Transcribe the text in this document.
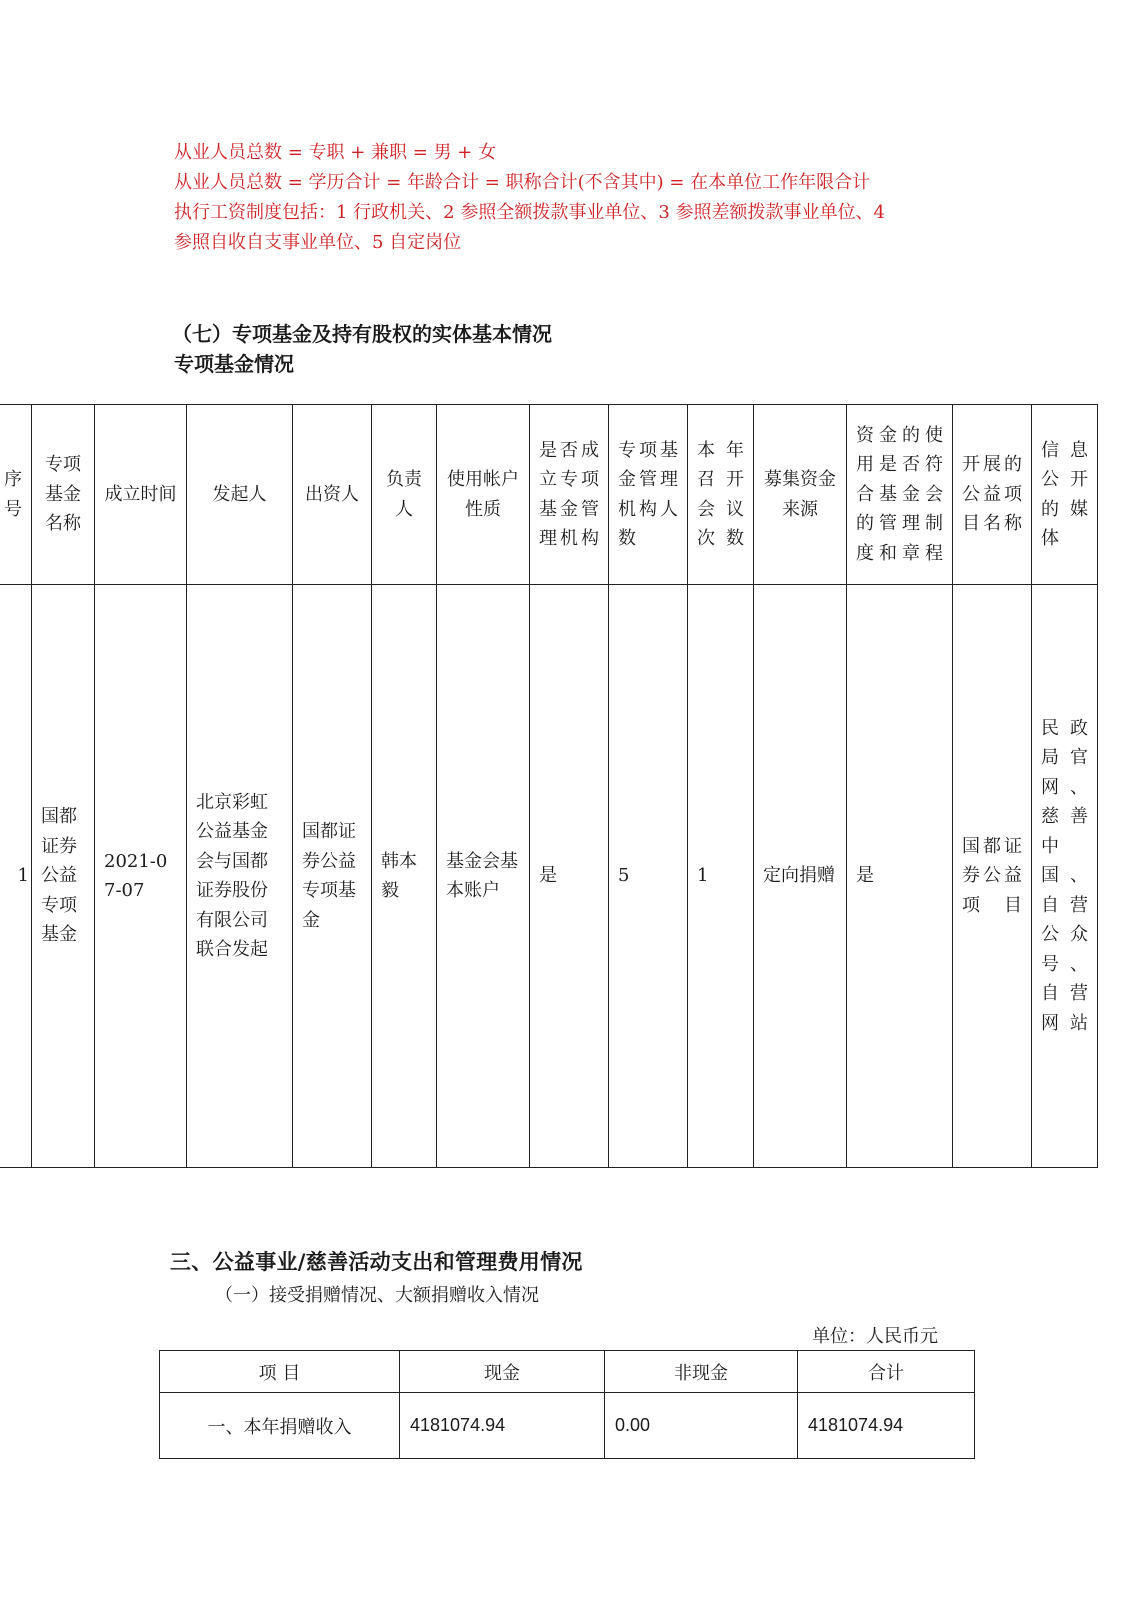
从业人员总数 = 专职 + 兼职 = 男 + 女

从业人员总数 = 学历合计 = 年龄合计 = 职称合计(不含其中) = 在本单位工作年限合计

执行工资制度包括：1 行政机关、2 参照全额拨款事业单位、3 参照差额拨款事业单位、4

参照自收自支事业单位、5 自定岗位

（七）专项基金及持有股权的实体基本情况
专项基金情况
序号	专项基金名称	成立时间	发起人	出资人	负责人	使用帐户性质	是否成立专项基金管理机构	专项基金管理机构人数	本年召开会议次数	募集资金来源	资金的使用是否符合基金会的管理制度和章程	开展的公益项目名称	信息公开的媒体
1	国都证券公益专项基金	2021-07-07	北京彩虹公益基金会与国都证券股份有限公司联合发起	国都证券公益专项基金	韩本毅	基金会基本账户	是	5	1	定向捐赠	是	国都证券公益项目	民政局官网、慈善中国、自营公众号、自营网站
三、公益事业/慈善活动支出和管理费用情况
（一）接受捐赠情况、大额捐赠收入情况
单位：人民币元
项 目	现金	非现金	合计
一、本年捐赠收入	4181074.94	0.00	4181074.94
